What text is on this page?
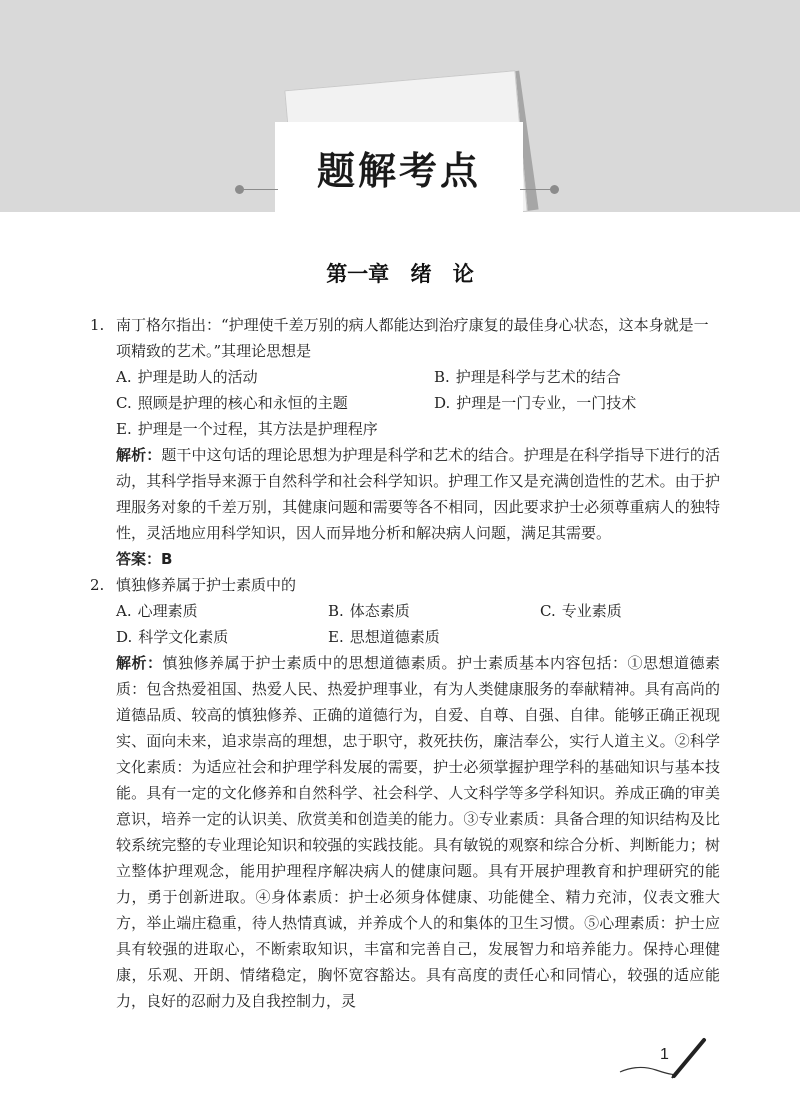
题解考点
第一章 绪 论
1. 南丁格尔指出：“护理使千差万别的病人都能达到治疗康复的最佳身心状态，这本身就是一项精致的艺术。”其理论思想是
A. 护理是助人的活动	B. 护理是科学与艺术的结合
C. 照顾是护理的核心和永恒的主题	D. 护理是一门专业，一门技术
E. 护理是一个过程，其方法是护理程序
解析：题干中这句话的理论思想为护理是科学和艺术的结合。护理是在科学指导下进行的活动，其科学指导来源于自然科学和社会科学知识。护理工作又是充满创造性的艺术。由于护理服务对象的千差万别，其健康问题和需要等各不相同，因此要求护士必须尊重病人的独特性，灵活地应用科学知识，因人而异地分析和解决病人问题，满足其需要。
答案：B
2. 慎独修养属于护士素质中的
A. 心理素质	B. 体态素质	C. 专业素质
D. 科学文化素质	E. 思想道德素质
解析：慎独修养属于护士素质中的思想道德素质。护士素质基本内容包括：①思想道德素质：包含热爱祖国、热爱人民、热爱护理事业，有为人类健康服务的奉献精神。具有高尚的道德品质、较高的慎独修养、正确的道德行为，自爱、自尊、自强、自律。能够正确正视现实、面向未来，追求崇高的理想，忠于职守，救死扶伤，廉洁奉公，实行人道主义。②科学文化素质：为适应社会和护理学科发展的需要，护士必须掌握护理学科的基础知识与基本技能。具有一定的文化修养和自然科学、社会科学、人文科学等多学科知识。养成正确的审美意识，培养一定的认识美、欣赏美和创造美的能力。③专业素质：具备合理的知识结构及比较系统完整的专业理论知识和较强的实践技能。具有敏锐的观察和综合分析、判断能力；树立整体护理观念，能用护理程序解决病人的健康问题。具有开展护理教育和护理研究的能力，勇于创新进取。④身体素质：护士必须身体健康、功能健全、精力充沛，仪表文雅大方，举止端庄稳重，待人热情真诚，并养成个人的和集体的卫生习惯。⑤心理素质：护士应具有较强的进取心，不断索取知识，丰富和完善自己，发展智力和培养能力。保持心理健康，乐观、开朗、情绪稳定，胸怀宽容豁达。具有高度的责任心和同情心，较强的适应能力，良好的忍耐力及自我控制力，灵
1
